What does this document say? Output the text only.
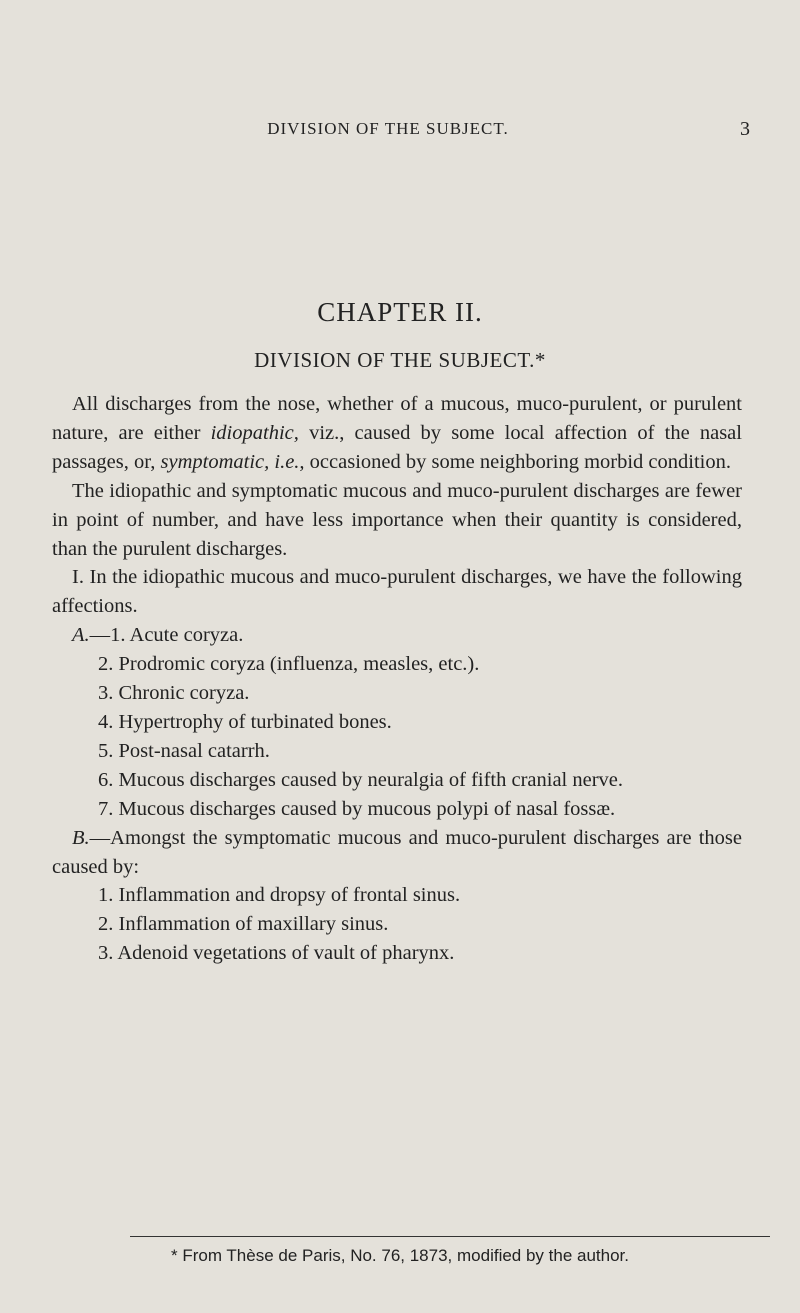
DIVISION OF THE SUBJECT.	3
CHAPTER II.
DIVISION OF THE SUBJECT.*

All discharges from the nose, whether of a mucous, muco-purulent, or purulent nature, are either idiopathic, viz., caused by some local affection of the nasal passages, or, symptomatic, i.e., occasioned by some neighboring morbid condition.

The idiopathic and symptomatic mucous and muco-purulent discharges are fewer in point of number, and have less importance when their quantity is considered, than the purulent discharges.

I. In the idiopathic mucous and muco-purulent discharges, we have the following affections.

A.—1. Acute coryza.

2. Prodromic coryza (influenza, measles, etc.).

3. Chronic coryza.

4. Hypertrophy of turbinated bones.

5. Post-nasal catarrh.

6. Mucous discharges caused by neuralgia of fifth cranial nerve.

7. Mucous discharges caused by mucous polypi of nasal fossæ.

B.—Amongst the symptomatic mucous and muco-purulent discharges are those caused by:

1. Inflammation and dropsy of frontal sinus.

2. Inflammation of maxillary sinus.

3. Adenoid vegetations of vault of pharynx.

* From Thèse de Paris, No. 76, 1873, modified by the author.
